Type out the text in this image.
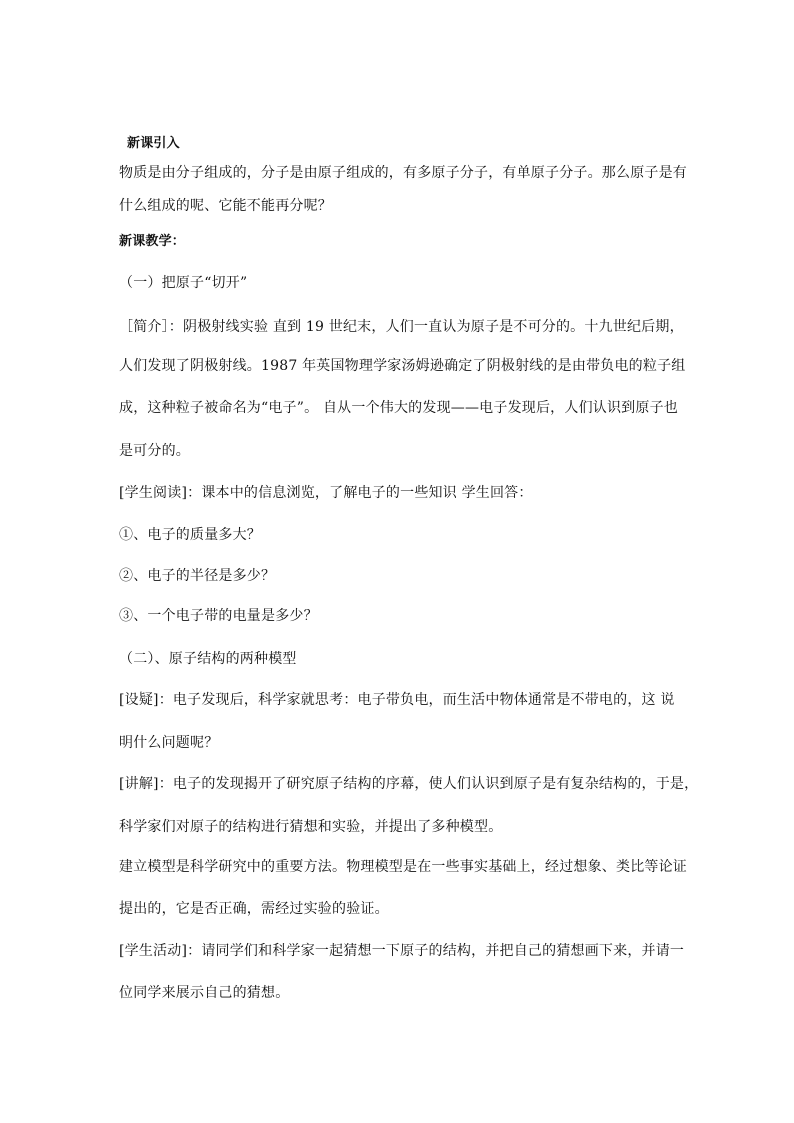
新课引入
物质是由分子组成的，分子是由原子组成的，有多原子分子，有单原子分子。那么原子是有
什么组成的呢、它能不能再分呢？
新课教学：
（一）把原子“切开”
［简介］：阴极射线实验 直到 19 世纪末，人们一直认为原子是不可分的。十九世纪后期，
人们发现了阴极射线。1987 年英国物理学家汤姆逊确定了阴极射线的是由带负电的粒子组
成，这种粒子被命名为“电子”。 自从一个伟大的发现——电子发现后，人们认识到原子也
是可分的。
[学生阅读]：课本中的信息浏览，了解电子的一些知识 学生回答：
①、电子的质量多大？
②、电子的半径是多少？
③、一个电子带的电量是多少？
（二）、原子结构的两种模型
[设疑]：电子发现后，科学家就思考：电子带负电，而生活中物体通常是不带电的，这 说
明什么问题呢？
[讲解]：电子的发现揭开了研究原子结构的序幕，使人们认识到原子是有复杂结构的，于是，
科学家们对原子的结构进行猜想和实验，并提出了多种模型。
建立模型是科学研究中的重要方法。物理模型是在一些事实基础上，经过想象、类比等论证
提出的，它是否正确，需经过实验的验证。
[学生活动]：请同学们和科学家一起猜想一下原子的结构，并把自己的猜想画下来，并请一
位同学来展示自己的猜想。
